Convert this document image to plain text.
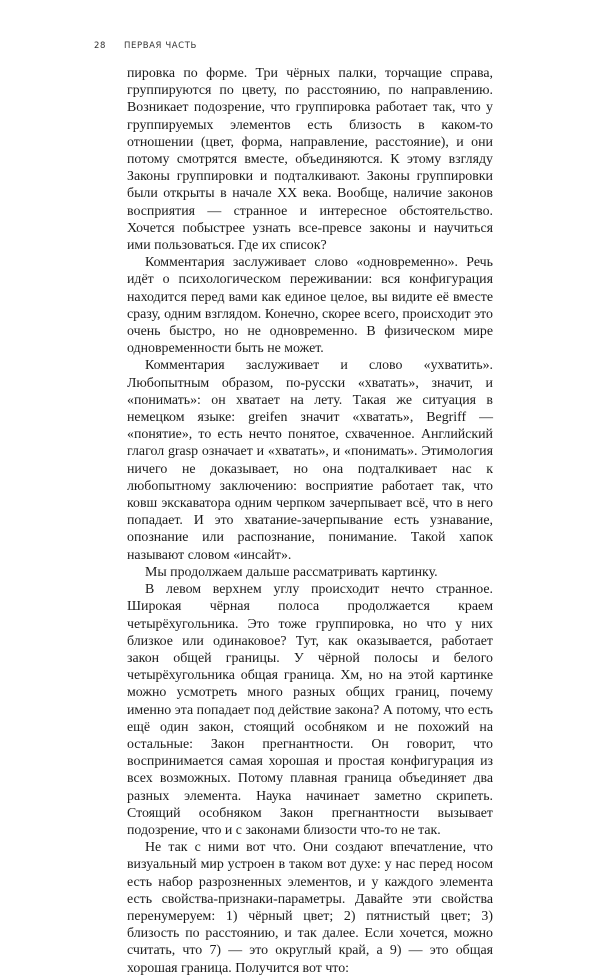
28 ПЕРВАЯ ЧАСТЬ

пировка по форме. Три чёрных палки, торчащие справа, группируются по цвету, по расстоянию, по направлению. Возникает подозрение, что группировка работает так, что у группируемых элементов есть близость в каком-то отношении (цвет, форма, направление, расстояние), и они потому смотрятся вместе, объединяются. К этому взгляду Законы группировки и подталкивают. Законы группировки были открыты в начале XX века. Вообще, наличие законов восприятия — странное и интересное обстоятельство. Хочется побыстрее узнать все-превсе законы и научиться ими пользоваться. Где их список?

Комментария заслуживает слово «одновременно». Речь идёт о психологическом переживании: вся конфигурация находится перед вами как единое целое, вы видите её вместе сразу, одним взглядом. Конечно, скорее всего, происходит это очень быстро, но не одновременно. В физическом мире одновременности быть не может.

Комментария заслуживает и слово «ухватить». Любопытным образом, по-русски «хватать», значит, и «понимать»: он хватает на лету. Такая же ситуация в немецком языке: greifen значит «хватать», Begriff — «понятие», то есть нечто понятое, схваченное. Английский глагол grasp означает и «хватать», и «понимать». Этимология ничего не доказывает, но она подталкивает нас к любопытному заключению: восприятие работает так, что ковш экскаватора одним черпком зачерпывает всё, что в него попадает. И это хватание-зачерпывание есть узнавание, опознание или распознание, понимание. Такой хапок называют словом «инсайт».

Мы продолжаем дальше рассматривать картинку.

В левом верхнем углу происходит нечто странное. Широкая чёрная полоса продолжается краем четырёхугольника. Это тоже группировка, но что у них близкое или одинаковое? Тут, как оказывается, работает закон общей границы. У чёрной полосы и белого четырёхугольника общая граница. Хм, но на этой картинке можно усмотреть много разных общих границ, почему именно эта попадает под действие закона? А потому, что есть ещё один закон, стоящий особняком и не похожий на остальные: Закон прегнантности. Он говорит, что воспринимается самая хорошая и простая конфигурация из всех возможных. Потому плавная граница объединяет два разных элемента. Наука начинает заметно скрипеть. Стоящий особняком Закон прегнантности вызывает подозрение, что и с законами близости что-то не так.

Не так с ними вот что. Они создают впечатление, что визуальный мир устроен в таком вот духе: у нас перед носом есть набор разрозненных элементов, и у каждого элемента есть свойства-признаки-параметры. Давайте эти свойства перенумеруем: 1) чёрный цвет; 2) пятнистый цвет; 3) близость по расстоянию, и так далее. Если хочется, можно считать, что 7) — это округлый край, а 9) — это общая хорошая граница. Получится вот что:
